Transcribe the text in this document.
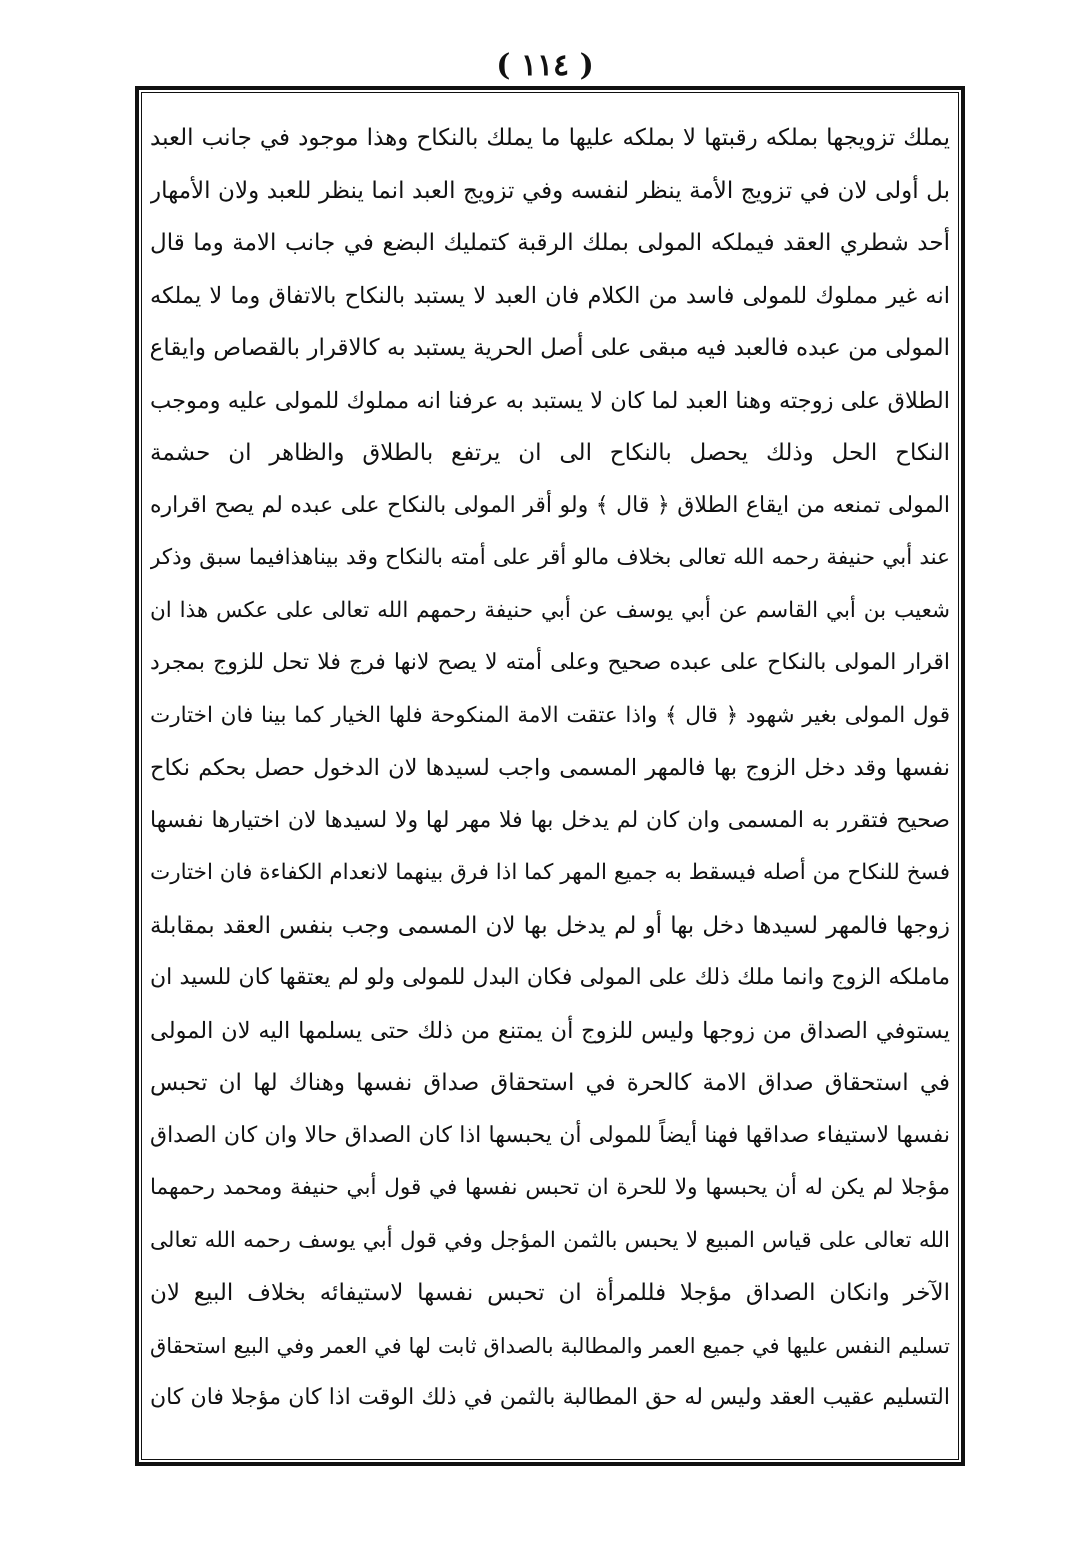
( ١١٤ )
يملك تزويجها بملكه رقبتها لا بملكه عليها ما يملك بالنكاح وهذا موجود في جانب العبد
بل أولى لان في تزويج الأمة ينظر لنفسه وفي تزويج العبد انما ينظر للعبد ولان الأمهار
أحد شطري العقد فيملكه المولى بملك الرقبة كتمليك البضع في جانب الامة وما قال
انه غير مملوك للمولى فاسد من الكلام فان العبد لا يستبد بالنكاح بالاتفاق وما لا يملكه
المولى من عبده فالعبد فيه مبقى على أصل الحرية يستبد به كالاقرار بالقصاص وايقاع
الطلاق على زوجته وهنا العبد لما كان لا يستبد به عرفنا انه مملوك للمولى عليه وموجب
النكاح الحل وذلك يحصل بالنكاح الى ان يرتفع بالطلاق والظاهر ان حشمة
المولى تمنعه من ايقاع الطلاق ﴿ قال ﴾ ولو أقر المولى بالنكاح على عبده لم يصح اقراره
عند أبي حنيفة رحمه الله تعالى بخلاف مالو أقر على أمته بالنكاح وقد بيناهذافيما سبق وذكر
شعيب بن أبي القاسم عن أبي يوسف عن أبي حنيفة رحمهم الله تعالى على عكس هذا ان
اقرار المولى بالنكاح على عبده صحيح وعلى أمته لا يصح لانها فرج فلا تحل للزوج بمجرد
قول المولى بغير شهود ﴿ قال ﴾ واذا عتقت الامة المنكوحة فلها الخيار كما بينا فان اختارت
نفسها وقد دخل الزوج بها فالمهر المسمى واجب لسيدها لان الدخول حصل بحكم نكاح
صحيح فتقرر به المسمى وان كان لم يدخل بها فلا مهر لها ولا لسيدها لان اختيارها نفسها
فسخ للنكاح من أصله فيسقط به جميع المهر كما اذا فرق بينهما لانعدام الكفاءة فان اختارت
زوجها فالمهر لسيدها دخل بها أو لم يدخل بها لان المسمى وجب بنفس العقد بمقابلة
ماملكه الزوج وانما ملك ذلك على المولى فكان البدل للمولى ولو لم يعتقها كان للسيد ان
يستوفي الصداق من زوجها وليس للزوج أن يمتنع من ذلك حتى يسلمها اليه لان المولى
في استحقاق صداق الامة كالحرة في استحقاق صداق نفسها وهناك لها ان تحبس
نفسها لاستيفاء صداقها فهنا أيضاً للمولى أن يحبسها اذا كان الصداق حالا وان كان الصداق
مؤجلا لم يكن له أن يحبسها ولا للحرة ان تحبس نفسها في قول أبي حنيفة ومحمد رحمهما
الله تعالى على قياس المبيع لا يحبس بالثمن المؤجل وفي قول أبي يوسف رحمه الله تعالى
الآخر وانكان الصداق مؤجلا فللمرأة ان تحبس نفسها لاستيفائه بخلاف البيع لان
تسليم النفس عليها في جميع العمر والمطالبة بالصداق ثابت لها في العمر وفي البيع استحقاق
التسليم عقيب العقد وليس له حق المطالبة بالثمن في ذلك الوقت اذا كان مؤجلا فان كان
